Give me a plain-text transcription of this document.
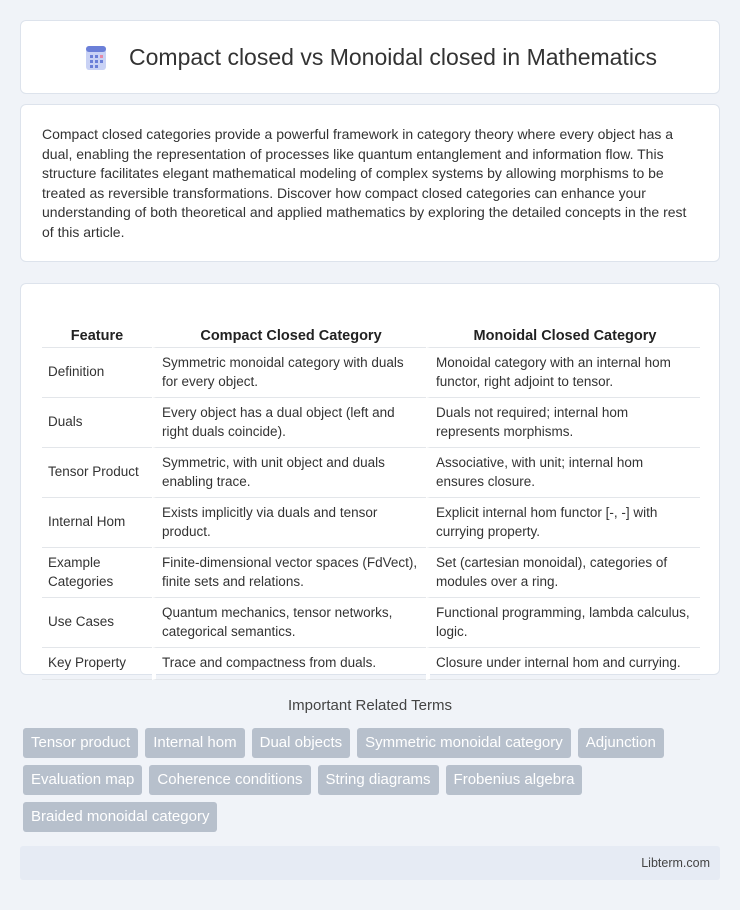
Compact closed vs Monoidal closed in Mathematics

Compact closed categories provide a powerful framework in category theory where every object has a dual, enabling the representation of processes like quantum entanglement and information flow. This structure facilitates elegant mathematical modeling of complex systems by allowing morphisms to be treated as reversible transformations. Discover how compact closed categories can enhance your understanding of both theoretical and applied mathematics by exploring the detailed concepts in the rest of this article.

Feature	Compact Closed Category	Monoidal Closed Category
Definition	Symmetric monoidal category with duals for every object.	Monoidal category with an internal hom functor, right adjoint to tensor.
Duals	Every object has a dual object (left and right duals coincide).	Duals not required; internal hom represents morphisms.
Tensor Product	Symmetric, with unit object and duals enabling trace.	Associative, with unit; internal hom ensures closure.
Internal Hom	Exists implicitly via duals and tensor product.	Explicit internal hom functor [-, -] with currying property.
Example Categories	Finite-dimensional vector spaces (FdVect), finite sets and relations.	Set (cartesian monoidal), categories of modules over a ring.
Use Cases	Quantum mechanics, tensor networks, categorical semantics.	Functional programming, lambda calculus, logic.
Key Property	Trace and compactness from duals.	Closure under internal hom and currying.
Important Related Terms
Tensor product	Internal hom	Dual objects	Symmetric monoidal category	Adjunction
Evaluation map	Coherence conditions	String diagrams	Frobenius algebra
Braided monoidal category
Libterm.com
